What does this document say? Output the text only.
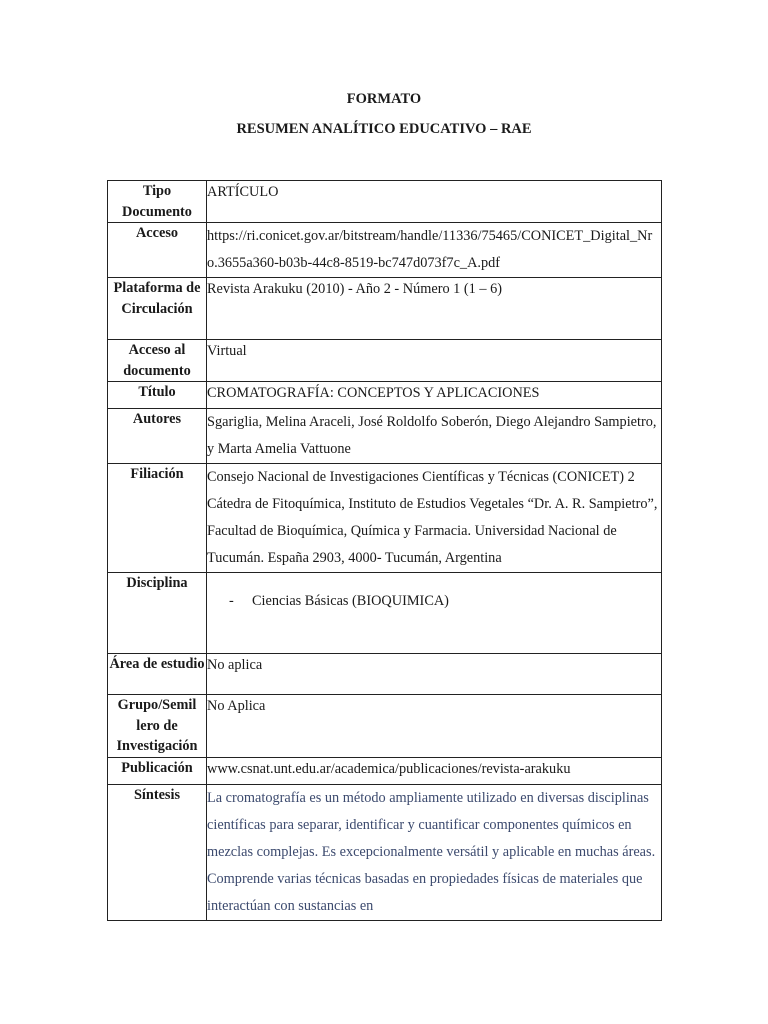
FORMATO
RESUMEN ANALÍTICO EDUCATIVO – RAE
Tipo Documento	ARTÍCULO
Acceso	https://ri.conicet.gov.ar/bitstream/handle/11336/75465/CONICET_Digital_Nro.3655a360-b03b-44c8-8519-bc747d073f7c_A.pdf
Plataforma de Circulación	Revista Arakuku (2010) - Año 2 - Número 1 (1 – 6)
Acceso al documento	Virtual
Título	CROMATOGRAFÍA: CONCEPTOS Y APLICACIONES
Autores	Sgariglia, Melina Araceli, José Roldolfo Soberón, Diego Alejandro Sampietro, y Marta Amelia Vattuone
Filiación	Consejo Nacional de Investigaciones Científicas y Técnicas (CONICET) 2 Cátedra de Fitoquímica, Instituto de Estudios Vegetales “Dr. A. R. Sampietro”, Facultad de Bioquímica, Química y Farmacia. Universidad Nacional de Tucumán. España 2903, 4000- Tucumán, Argentina
Disciplina	- Ciencias Básicas (BIOQUIMICA)

Área de estudio	No aplica
Grupo/Semil
lero de
Investigación	No Aplica
Publicación	www.csnat.unt.edu.ar/academica/publicaciones/revista-arakuku
Síntesis	La cromatografía es un método ampliamente utilizado en diversas disciplinas científicas para separar, identificar y cuantificar componentes químicos en mezclas complejas. Es excepcionalmente versátil y aplicable en muchas áreas. Comprende varias técnicas basadas en propiedades físicas de materiales que interactúan con sustancias en
